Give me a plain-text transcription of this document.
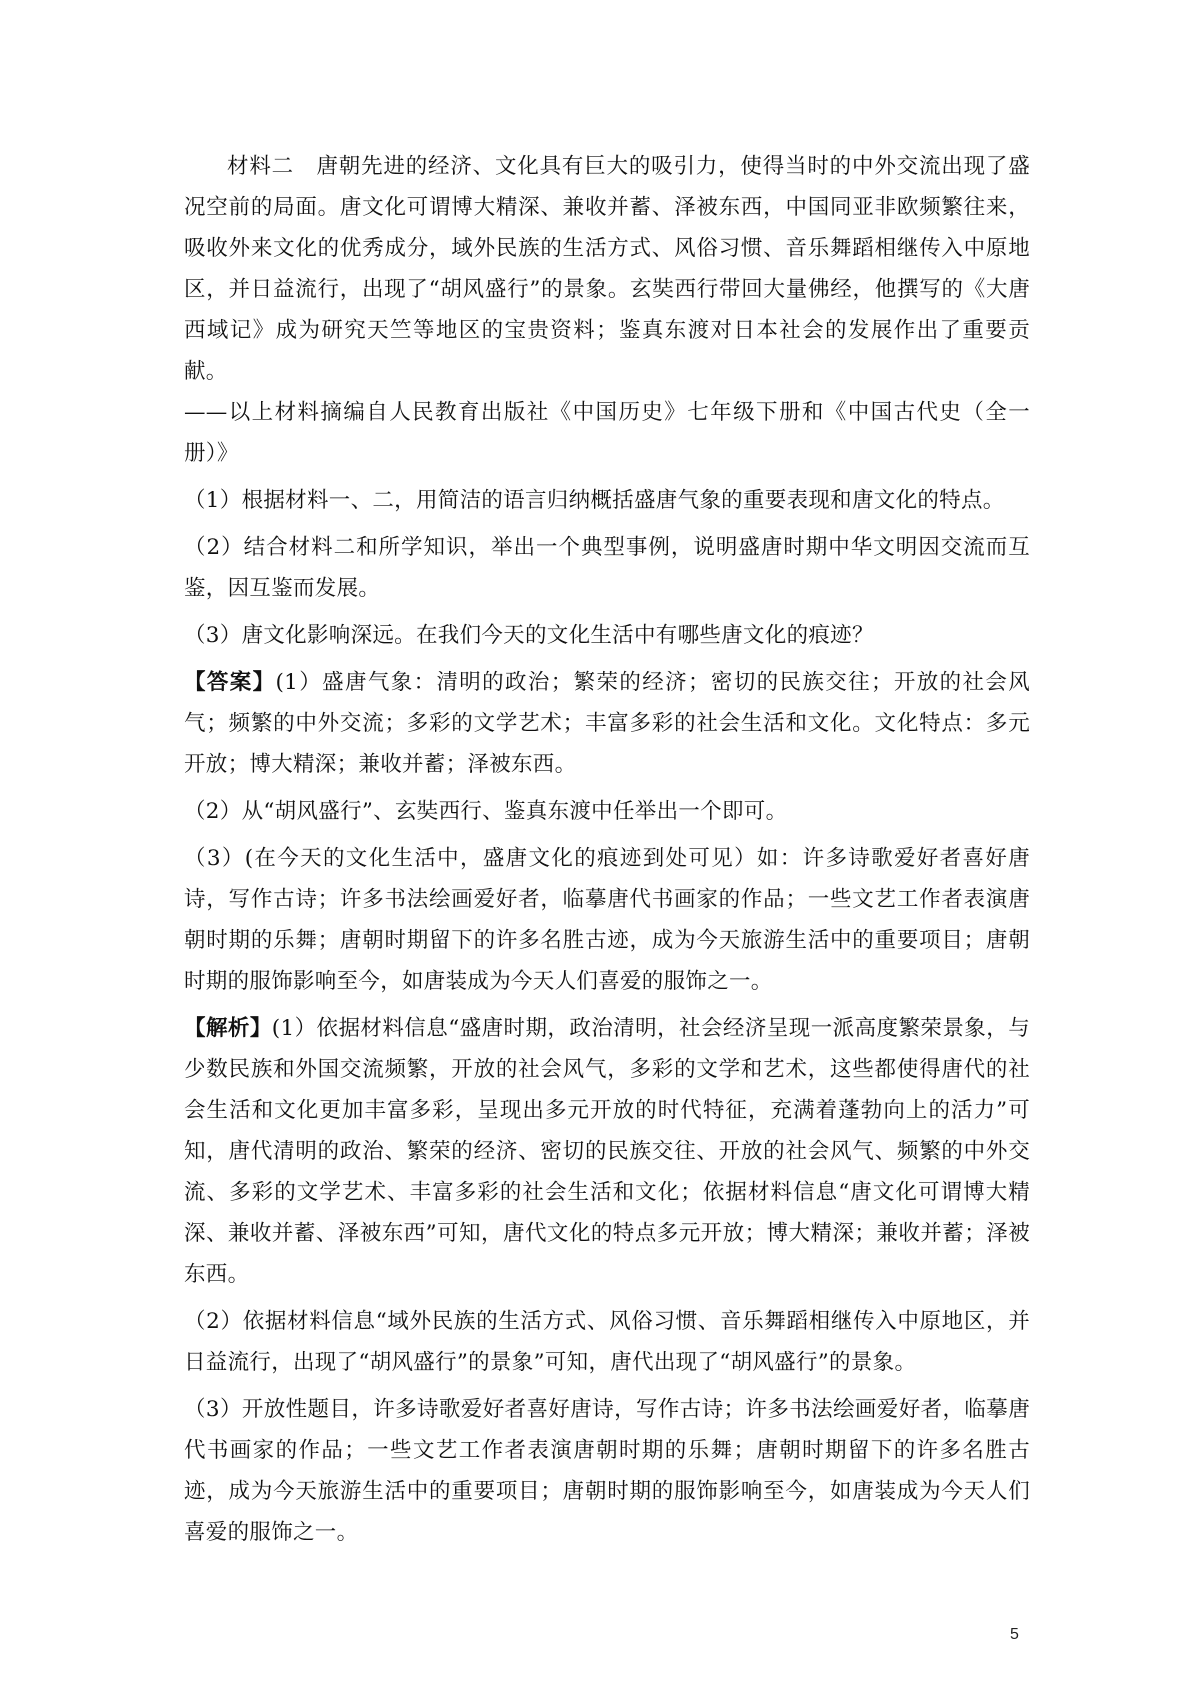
材料二 唐朝先进的经济、文化具有巨大的吸引力，使得当时的中外交流出现了盛况空前的局面。唐文化可谓博大精深、兼收并蓄、泽被东西，中国同亚非欧频繁往来，吸收外来文化的优秀成分，域外民族的生活方式、风俗习惯、音乐舞蹈相继传入中原地区，并日益流行，出现了“胡风盛行”的景象。玄奘西行带回大量佛经，他撰写的《大唐西域记》成为研究天竺等地区的宝贵资料；鉴真东渡对日本社会的发展作出了重要贡献。

——以上材料摘编自人民教育出版社《中国历史》七年级下册和《中国古代史（全一册）》

（1）根据材料一、二，用简洁的语言归纳概括盛唐气象的重要表现和唐文化的特点。

（2）结合材料二和所学知识，举出一个典型事例，说明盛唐时期中华文明因交流而互鉴，因互鉴而发展。

（3）唐文化影响深远。在我们今天的文化生活中有哪些唐文化的痕迹？

【答案】(1）盛唐气象：清明的政治；繁荣的经济；密切的民族交往；开放的社会风气；频繁的中外交流；多彩的文学艺术；丰富多彩的社会生活和文化。文化特点：多元开放；博大精深；兼收并蓄；泽被东西。

（2）从“胡风盛行”、玄奘西行、鉴真东渡中任举出一个即可。

（3）(在今天的文化生活中，盛唐文化的痕迹到处可见）如：许多诗歌爱好者喜好唐诗，写作古诗；许多书法绘画爱好者，临摹唐代书画家的作品；一些文艺工作者表演唐朝时期的乐舞；唐朝时期留下的许多名胜古迹，成为今天旅游生活中的重要项目；唐朝时期的服饰影响至今，如唐装成为今天人们喜爱的服饰之一。

【解析】(1）依据材料信息“盛唐时期，政治清明，社会经济呈现一派高度繁荣景象，与少数民族和外国交流频繁，开放的社会风气，多彩的文学和艺术，这些都使得唐代的社会生活和文化更加丰富多彩，呈现出多元开放的时代特征，充满着蓬勃向上的活力”可知，唐代清明的政治、繁荣的经济、密切的民族交往、开放的社会风气、频繁的中外交流、多彩的文学艺术、丰富多彩的社会生活和文化；依据材料信息“唐文化可谓博大精深、兼收并蓄、泽被东西”可知，唐代文化的特点多元开放；博大精深；兼收并蓄；泽被东西。

（2）依据材料信息“域外民族的生活方式、风俗习惯、音乐舞蹈相继传入中原地区，并日益流行，出现了“胡风盛行”的景象”可知，唐代出现了“胡风盛行”的景象。

（3）开放性题目，许多诗歌爱好者喜好唐诗，写作古诗；许多书法绘画爱好者，临摹唐代书画家的作品；一些文艺工作者表演唐朝时期的乐舞；唐朝时期留下的许多名胜古迹，成为今天旅游生活中的重要项目；唐朝时期的服饰影响至今，如唐装成为今天人们喜爱的服饰之一。

5
